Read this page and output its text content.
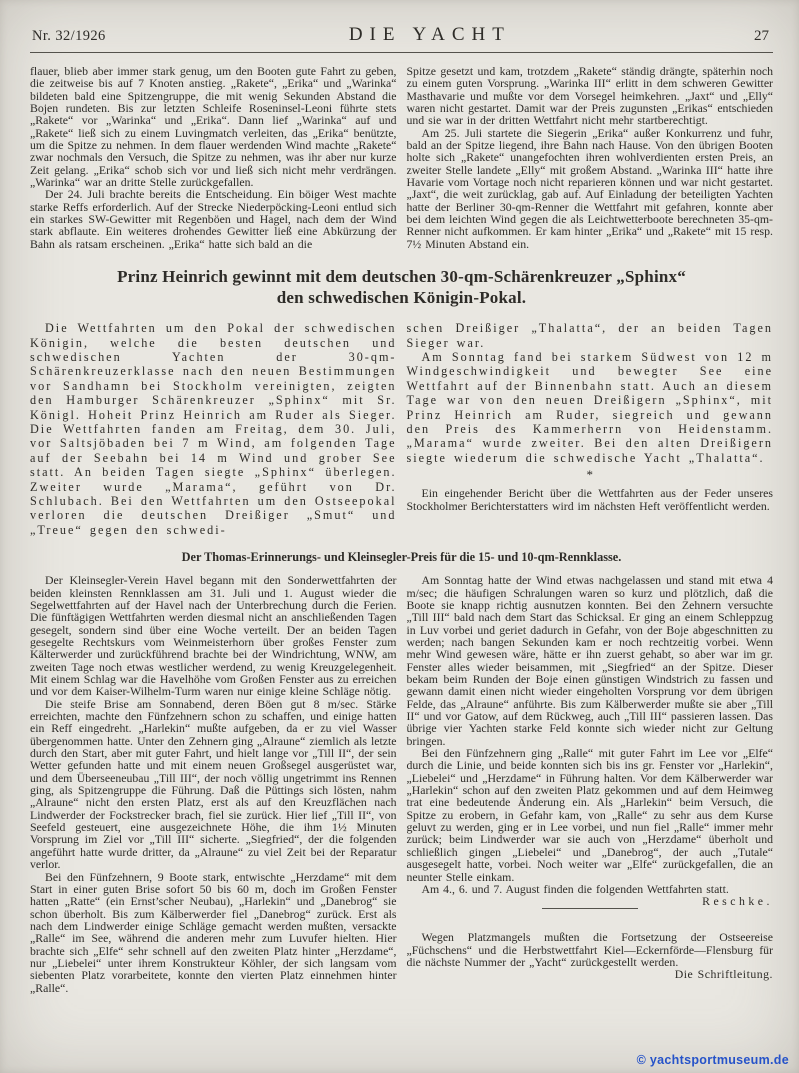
Nr. 32/1926	DIE YACHT	27

flauer, blieb aber immer stark genug, um den Booten gute Fahrt zu geben, die zeitweise bis auf 7 Knoten anstieg. „Rakete“, „Erika“ und „Warinka“ bildeten bald eine Spitzengruppe, die mit wenig Sekunden Abstand die Bojen rundeten. Bis zur letzten Schleife Roseninsel-Leoni führte stets „Rakete“ vor „Warinka“ und „Erika“. Dann lief „Warinka“ auf und „Rakete“ ließ sich zu einem Luvingmatch verleiten, das „Erika“ benützte, um die Spitze zu nehmen. In dem flauer werdenden Wind machte „Rakete“ zwar nochmals den Versuch, die Spitze zu nehmen, was ihr aber nur kurze Zeit gelang. „Erika“ schob sich vor und ließ sich nicht mehr verdrängen. „Warinka“ war an dritte Stelle zurückgefallen.

Der 24. Juli brachte bereits die Entscheidung. Ein böiger West machte starke Reffs erforderlich. Auf der Strecke Niederpöcking-Leoni entlud sich ein starkes SW-Gewitter mit Regenböen und Hagel, nach dem der Wind stark abflaute. Ein weiteres drohendes Gewitter ließ eine Abkürzung der Bahn als ratsam erscheinen. „Erika“ hatte sich bald an die

Spitze gesetzt und kam, trotzdem „Rakete“ ständig drängte, späterhin noch zu einem guten Vorsprung. „Warinka III“ erlitt in dem schweren Gewitter Masthavarie und mußte vor dem Vorsegel heimkehren. „Jaxt“ und „Elly“ waren nicht gestartet. Damit war der Preis zugunsten „Erikas“ entschieden und sie war in der dritten Wettfahrt nicht mehr startberechtigt.

Am 25. Juli startete die Siegerin „Erika“ außer Konkurrenz und fuhr, bald an der Spitze liegend, ihre Bahn nach Hause. Von den übrigen Booten holte sich „Rakete“ unangefochten ihren wohlverdienten ersten Preis, an zweiter Stelle landete „Elly“ mit großem Abstand. „Warinka III“ hatte ihre Havarie vom Vortage noch nicht reparieren können und war nicht gestartet. „Jaxt“, die weit zurücklag, gab auf. Auf Einladung der beteiligten Yachten hatte der Berliner 30-qm-Renner die Wettfahrt mit gefahren, konnte aber bei dem leichten Wind gegen die als Leichtwetterboote berechneten 35-qm-Renner nicht aufkommen. Er kam hinter „Erika“ und „Rakete“ mit 15 resp. 7½ Minuten Abstand ein.

Prinz Heinrich gewinnt mit dem deutschen 30-qm-Schärenkreuzer „Sphinx“
den schwedischen Königin-Pokal.

Die Wettfahrten um den Pokal der schwedischen Königin, welche die besten deutschen und schwedischen Yachten der 30-qm-Schärenkreuzerklasse nach den neuen Bestimmungen vor Sandhamn bei Stockholm vereinigten, zeigten den Hamburger Schärenkreuzer „Sphinx“ mit Sr. Königl. Hoheit Prinz Heinrich am Ruder als Sieger. Die Wettfahrten fanden am Freitag, dem 30. Juli, vor Saltsjöbaden bei 7 m Wind, am folgenden Tage auf der Seebahn bei 14 m Wind und grober See statt. An beiden Tagen siegte „Sphinx“ überlegen. Zweiter wurde „Marama“, geführt von Dr. Schlubach. Bei den Wettfahrten um den Ostseepokal verloren die deutschen Dreißiger „Smut“ und „Treue“ gegen den schwedi-

schen Dreißiger „Thalatta“, der an beiden Tagen Sieger war.

Am Sonntag fand bei starkem Südwest von 12 m Windgeschwindigkeit und bewegter See eine Wettfahrt auf der Binnenbahn statt. Auch an diesem Tage war von den neuen Dreißigern „Sphinx“, mit Prinz Heinrich am Ruder, siegreich und gewann den Preis des Kammerherrn von Heidenstamm. „Marama“ wurde zweiter. Bei den alten Dreißigern siegte wiederum die schwedische Yacht „Thalatta“.

*

Ein eingehender Bericht über die Wettfahrten aus der Feder unseres Stockholmer Berichterstatters wird im nächsten Heft veröffentlicht werden.

Der Thomas-Erinnerungs- und Kleinsegler-Preis für die 15- und 10-qm-Rennklasse.

Der Kleinsegler-Verein Havel begann mit den Sonderwettfahrten der beiden kleinsten Rennklassen am 31. Juli und 1. August wieder die Segelwettfahrten auf der Havel nach der Unterbrechung durch die Ferien. Die fünftägigen Wettfahrten werden diesmal nicht an anschließenden Tagen gesegelt, sondern sind über eine Woche verteilt. Der an beiden Tagen gesegelte Rechtskurs vom Weinmeisterhorn über großes Fenster zum Kälterwerder und zurückführend brachte bei der Windrichtung, WNW, am zweiten Tage noch etwas westlicher werdend, zu wenig Kreuzgelegenheit. Mit einem Schlag war die Havelhöhe vom Großen Fenster aus zu erreichen und vor dem Kaiser-Wilhelm-Turm waren nur einige kleine Schläge nötig.

Die steife Brise am Sonnabend, deren Böen gut 8 m/sec. Stärke erreichten, machte den Fünfzehnern schon zu schaffen, und einige hatten ein Reff eingedreht. „Harlekin“ mußte aufgeben, da er zu viel Wasser übergenommen hatte. Unter den Zehnern ging „Alraune“ ziemlich als letzte durch den Start, aber mit guter Fahrt, und hielt lange vor „Till II“, der sein Wetter gefunden hatte und mit einem neuen Großsegel ausgerüstet war, und dem Überseeneubau „Till III“, der noch völlig ungetrimmt ins Rennen ging, als Spitzengruppe die Führung. Daß die Püttings sich lösten, nahm „Alraune“ nicht den ersten Platz, erst als auf den Kreuzflächen nach Lindwerder der Fockstrecker brach, fiel sie zurück. Hier lief „Till II“, von Seefeld gesteuert, eine ausgezeichnete Höhe, die ihm 1½ Minuten Vorsprung im Ziel vor „Till III“ sicherte. „Siegfried“, der die folgenden angeführt hatte wurde dritter, da „Alraune“ zu viel Zeit bei der Reparatur verlor.

Bei den Fünfzehnern, 9 Boote stark, entwischte „Herzdame“ mit dem Start in einer guten Brise sofort 50 bis 60 m, doch im Großen Fenster hatten „Ratte“ (ein Ernst’scher Neubau), „Harlekin“ und „Danebrog“ sie schon überholt. Bis zum Kälberwerder fiel „Danebrog“ zurück. Erst als nach dem Lindwerder einige Schläge gemacht werden mußten, versackte „Ralle“ im See, während die anderen mehr zum Luvufer hielten. Hier brachte sich „Elfe“ sehr schnell auf den zweiten Platz hinter „Herzdame“, nur „Liebelei“ unter ihrem Konstrukteur Köhler, der sich langsam vom siebenten Platz vorarbeitete, konnte den vierten Platz einnehmen hinter „Ralle“.

Am Sonntag hatte der Wind etwas nachgelassen und stand mit etwa 4 m/sec; die häufigen Schralungen waren so kurz und plötzlich, daß die Boote sie knapp richtig ausnutzen konnten. Bei den Zehnern versuchte „Till III“ bald nach dem Start das Schicksal. Er ging an einem Schleppzug in Luv vorbei und geriet dadurch in Gefahr, von der Boje abgeschnitten zu werden; nach bangen Sekunden kam er noch rechtzeitig vorbei. Wenn mehr Wind gewesen wäre, hätte er ihn zuerst gehabt, so aber war im gr. Fenster alles wieder beisammen, mit „Siegfried“ an der Spitze. Dieser bekam beim Runden der Boje einen günstigen Windstrich zu fassen und gewann damit einen nicht wieder eingeholten Vorsprung vor dem übrigen Felde, das „Alraune“ anführte. Bis zum Kälberwerder mußte sie aber „Till II“ und vor Gatow, auf dem Rückweg, auch „Till III“ passieren lassen. Das übrige vier Yachten starke Feld konnte sich wieder nicht zur Geltung bringen.

Bei den Fünfzehnern ging „Ralle“ mit guter Fahrt im Lee vor „Elfe“ durch die Linie, und beide konnten sich bis ins gr. Fenster vor „Harlekin“, „Liebelei“ und „Herzdame“ in Führung halten. Vor dem Kälberwerder war „Harlekin“ schon auf den zweiten Platz gekommen und auf dem Heimweg trat eine bedeutende Änderung ein. Als „Harlekin“ beim Versuch, die Spitze zu erobern, in Gefahr kam, von „Ralle“ zu sehr aus dem Kurse geluvt zu werden, ging er in Lee vorbei, und nun fiel „Ralle“ immer mehr zurück; beim Lindwerder war sie auch von „Herzdame“ überholt und schließlich gingen „Liebelei“ und „Danebrog“, der auch „Tutale“ ausgesegelt hatte, vorbei. Noch weiter war „Elfe“ zurückgefallen, die an neunter Stelle einkam.

Am 4., 6. und 7. August finden die folgenden Wettfahrten statt.
Reschke.

Wegen Platzmangels mußten die Fortsetzung der Ostseereise „Füchschens“ und die Herbstwettfahrt Kiel—Eckernförde—Flensburg für die nächste Nummer der „Yacht“ zurückgestellt werden.
Die Schriftleitung.

© yachtsportmuseum.de
